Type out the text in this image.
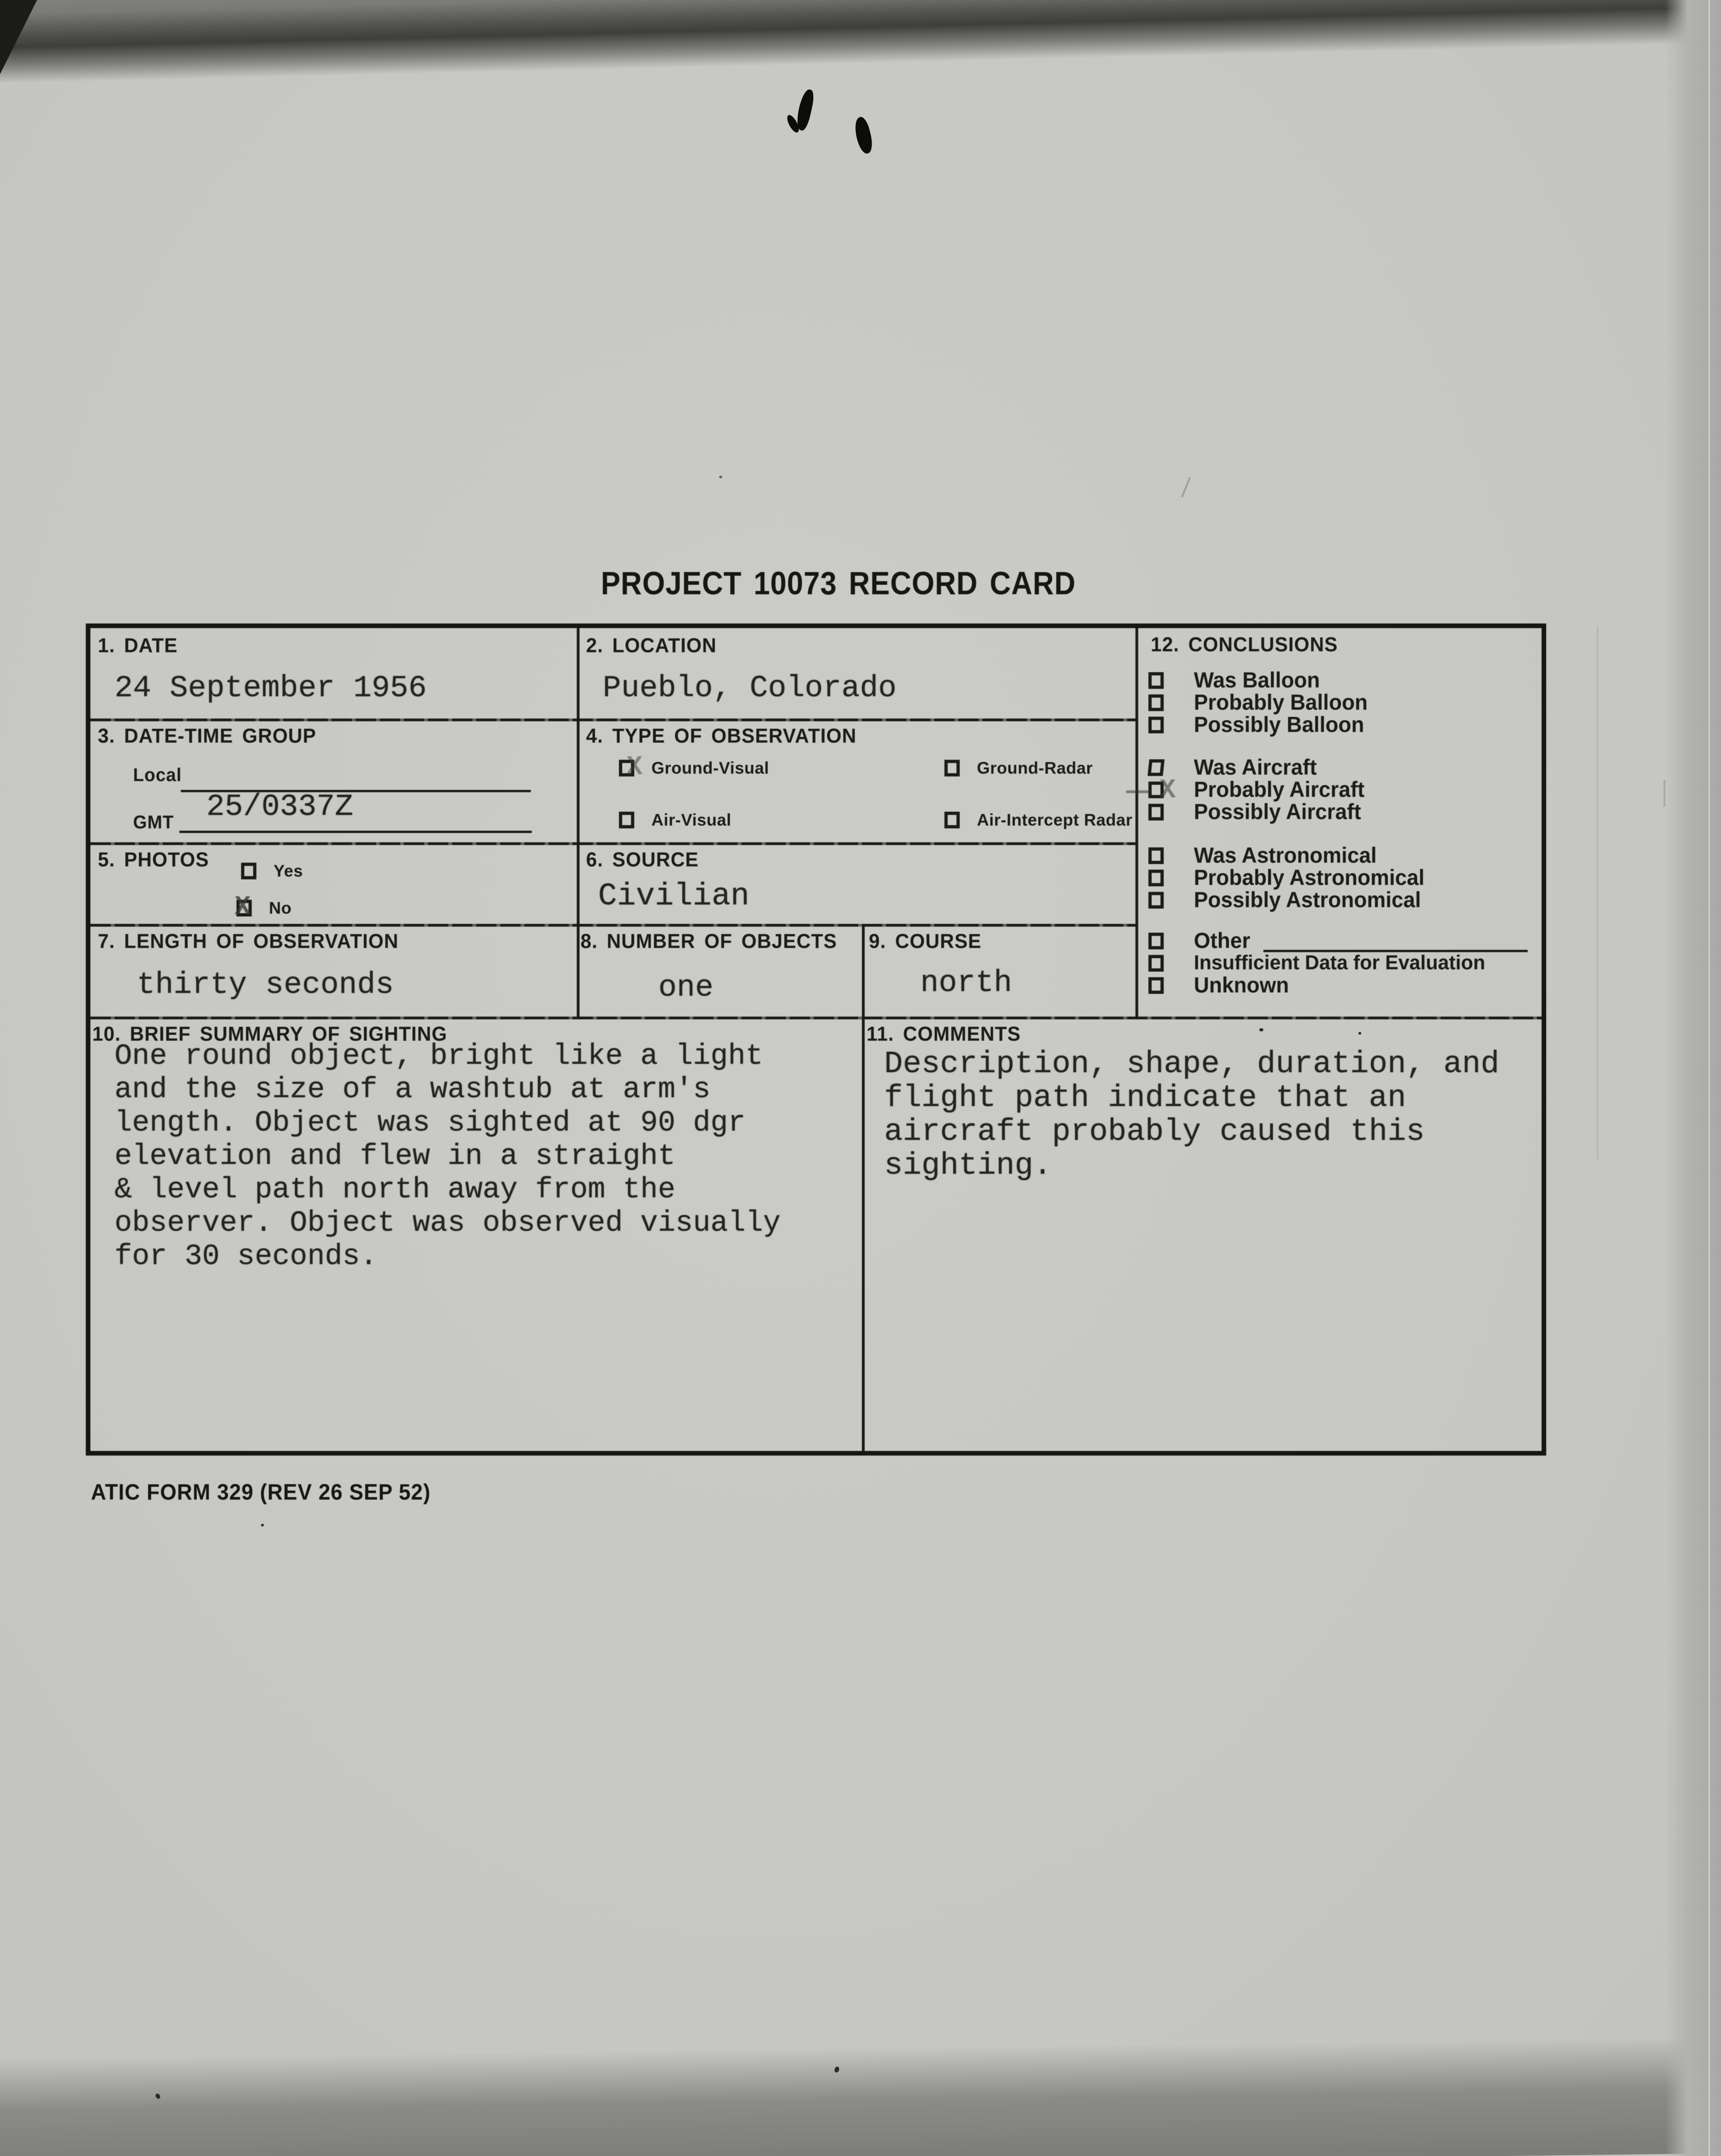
PROJECT 10073 RECORD CARD
1. DATE
24 September 1956
2. LOCATION
Pueblo, Colorado
3. DATE-TIME GROUP
Local
GMT 25/0337Z
4. TYPE OF OBSERVATION
X Ground-Visual	Ground-Radar
Air-Visual	Air-Intercept Radar
5. PHOTOS	Yes
X No
6. SOURCE
Civilian
7. LENGTH OF OBSERVATION
thirty seconds
8. NUMBER OF OBJECTS
one
9. COURSE
north
10. BRIEF SUMMARY OF SIGHTING
One round object, bright like a light
and the size of a washtub at arm's
length. Object was sighted at 90 dgr
elevation and flew in a straight
& level path north away from the
observer. Object was observed visually
for 30 seconds.
11. COMMENTS
Description, shape, duration, and
flight path indicate that an
aircraft probably caused this
sighting.
12. CONCLUSIONS
Was Balloon
Probably Balloon
Possibly Balloon
Was Aircraft
X Probably Aircraft
Possibly Aircraft
Was Astronomical
Probably Astronomical
Possibly Astronomical
Other
Insufficient Data for Evaluation
Unknown
ATIC FORM 329 (REV 26 SEP 52)
